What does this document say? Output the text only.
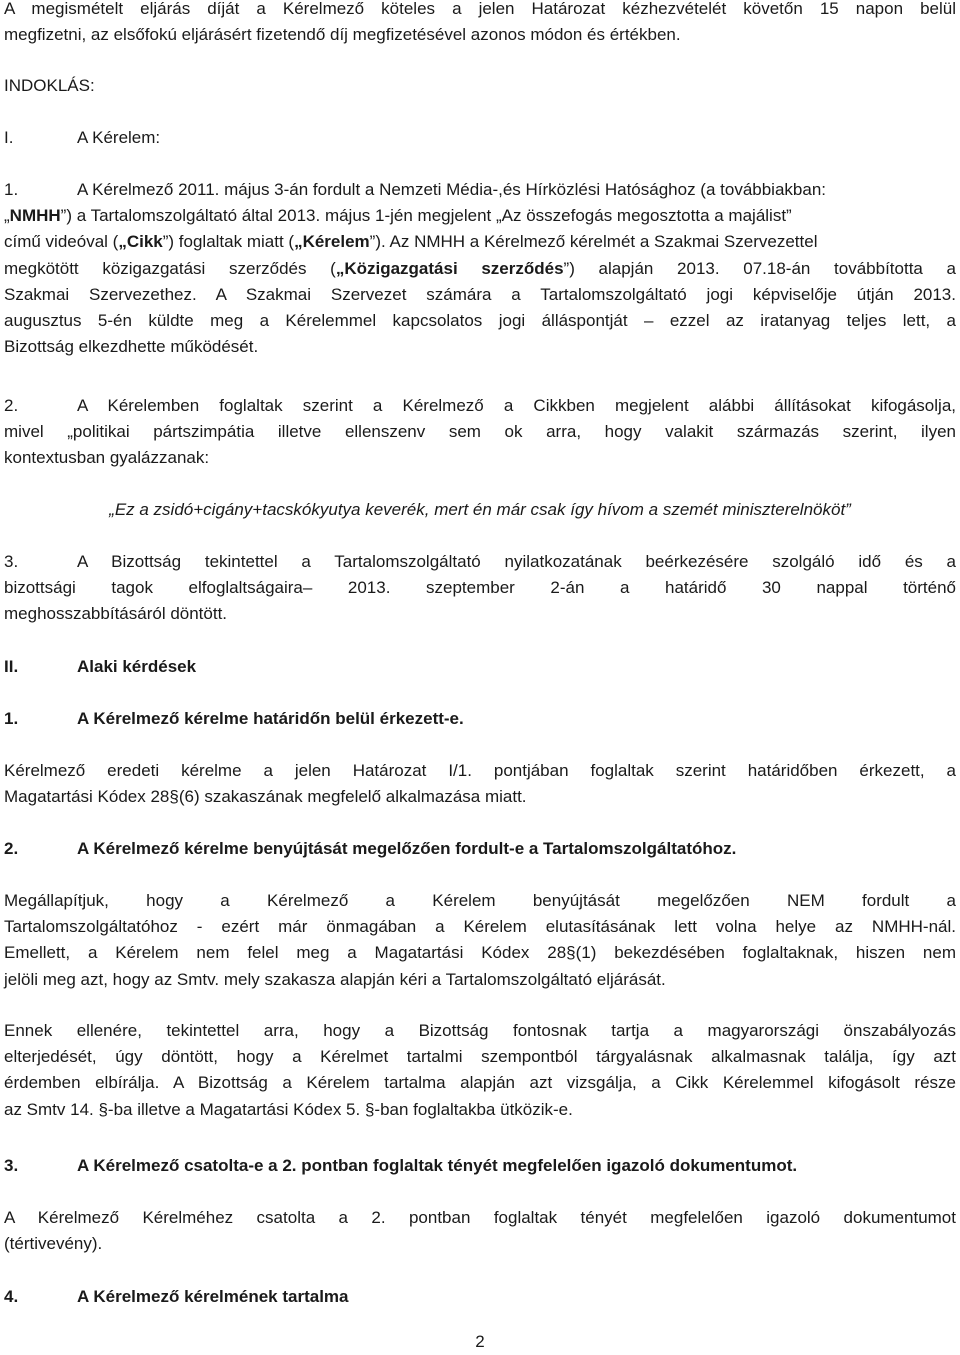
A megismételt eljárás díját a Kérelmező köteles a jelen Határozat kézhezvételét követőn 15 napon belül
megfizetni, az elsőfokú eljárásért fizetendő díj megfizetésével azonos módon és értékben.
INDOKLÁS:
I.	A Kérelem:
1.	A Kérelmező 2011. május 3-án fordult a Nemzeti Média-,és Hírközlési Hatósághoz (a továbbiakban:
„NMHH”) a Tartalomszolgáltató által 2013. május 1-jén megjelent „Az összefogás megosztotta a majálist”
című videóval („Cikk”) foglaltak miatt („Kérelem”). Az NMHH a Kérelmező kérelmét a Szakmai Szervezettel
megkötött közigazgatási szerződés („Közigazgatási szerződés”) alapján 2013. 07.18-án továbbította a
Szakmai Szervezethez. A Szakmai Szervezet számára a Tartalomszolgáltató jogi képviselője útján 2013.
augusztus 5-én küldte meg a Kérelemmel kapcsolatos jogi álláspontját – ezzel az iratanyag teljes lett, a
Bizottság elkezdhette működését.
2.	A Kérelemben foglaltak szerint a Kérelmező a Cikkben megjelent alábbi állításokat kifogásolja,
mivel „politikai pártszimpátia illetve ellenszenv sem ok arra, hogy valakit származás szerint, ilyen
kontextusban gyalázzanak:
„Ez a zsidó+cigány+tacskókyutya keverék, mert én már csak így hívom a szemét miniszterelnököt”
3.	A Bizottság tekintettel a Tartalomszolgáltató nyilatkozatának beérkezésére szolgáló idő és a
bizottsági tagok elfoglaltságaira– 2013. szeptember 2-án a határidő 30 nappal történő
meghosszabbításáról döntött.
II.	Alaki kérdések
1.	A Kérelmező kérelme határidőn belül érkezett-e.
Kérelmező eredeti kérelme a jelen Határozat I/1. pontjában foglaltak szerint határidőben érkezett, a
Magatartási Kódex 28§(6) szakaszának megfelelő alkalmazása miatt.
2.	A Kérelmező kérelme benyújtását megelőzően fordult-e a Tartalomszolgáltatóhoz.
Megállapítjuk, hogy a Kérelmező a Kérelem benyújtását megelőzően NEM fordult a
Tartalomszolgáltatóhoz - ezért már önmagában a Kérelem elutasításának lett volna helye az NMHH-nál.
Emellett, a Kérelem nem felel meg a Magatartási Kódex 28§(1) bekezdésében foglaltaknak, hiszen nem
jelöli meg azt, hogy az Smtv. mely szakasza alapján kéri a Tartalomszolgáltató eljárását.
Ennek ellenére, tekintettel arra, hogy a Bizottság fontosnak tartja a magyarországi önszabályozás
elterjedését, úgy döntött, hogy a Kérelmet tartalmi szempontból tárgyalásnak alkalmasnak találja, így azt
érdemben elbírálja. A Bizottság a Kérelem tartalma alapján azt vizsgálja, a Cikk Kérelemmel kifogásolt része
az Smtv 14. §-ba illetve a Magatartási Kódex 5. §-ban foglaltakba ütközik-e.
3.	A Kérelmező csatolta-e a 2. pontban foglaltak tényét megfelelően igazoló dokumentumot.
A Kérelmező Kérelméhez csatolta a 2. pontban foglaltak tényét megfelelően igazoló dokumentumot
(tértivevény).
4.	A Kérelmező kérelmének tartalma
2
